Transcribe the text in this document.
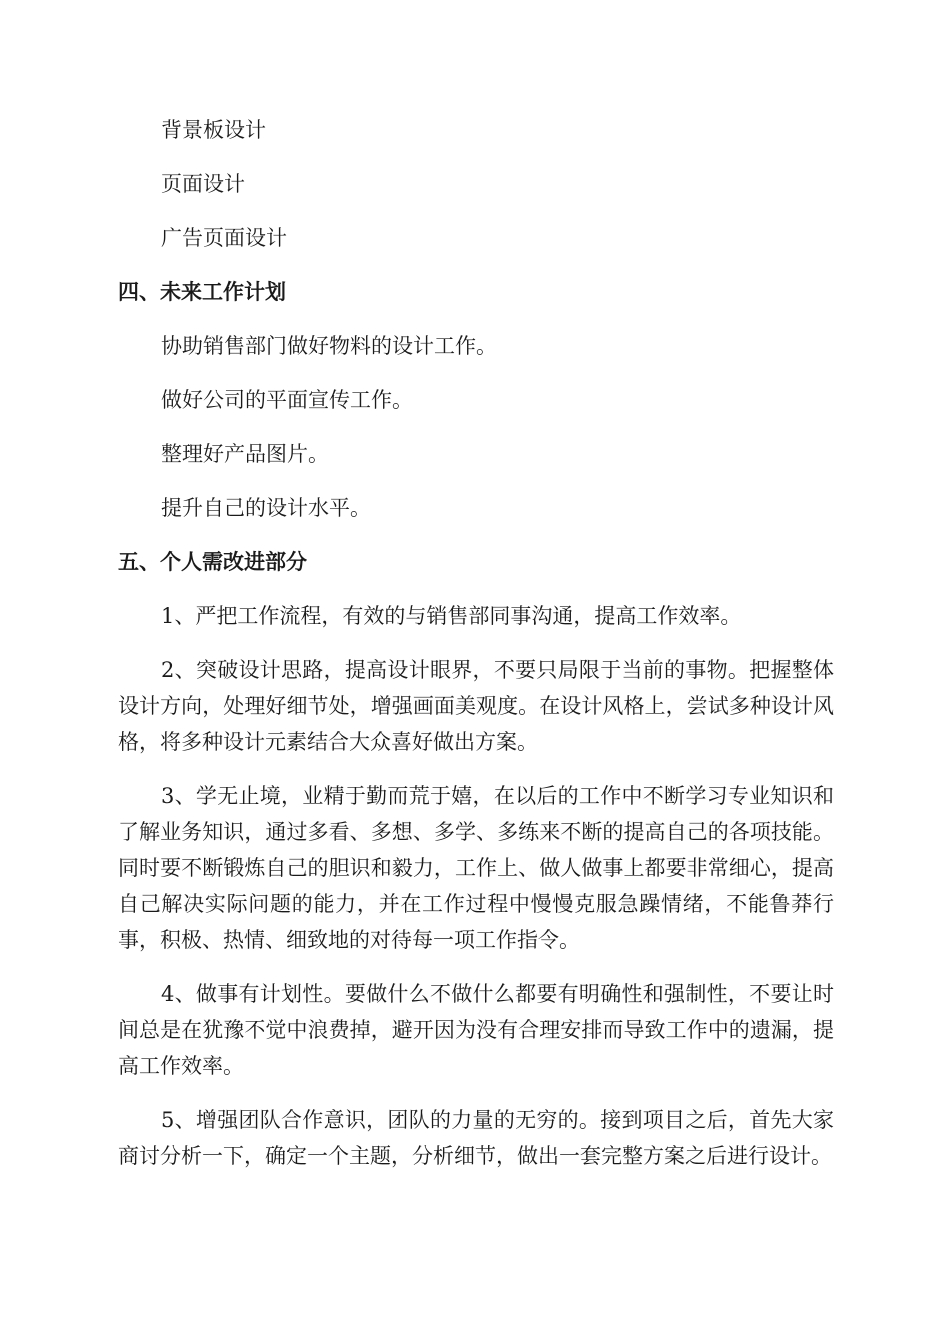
背景板设计
页面设计
广告页面设计
四、未来工作计划
协助销售部门做好物料的设计工作。
做好公司的平面宣传工作。
整理好产品图片。
提升自己的设计水平。
五、个人需改进部分

1、严把工作流程，有效的与销售部同事沟通，提高工作效率。

2、突破设计思路，提高设计眼界，不要只局限于当前的事物。把握整体设计方向，处理好细节处，增强画面美观度。在设计风格上，尝试多种设计风格，将多种设计元素结合大众喜好做出方案。

3、学无止境，业精于勤而荒于嬉，在以后的工作中不断学习专业知识和了解业务知识，通过多看、多想、多学、多练来不断的提高自己的各项技能。同时要不断锻炼自己的胆识和毅力，工作上、做人做事上都要非常细心，提高自己解决实际问题的能力，并在工作过程中慢慢克服急躁情绪，不能鲁莽行事，积极、热情、细致地的对待每一项工作指令。

4、做事有计划性。要做什么不做什么都要有明确性和强制性，不要让时间总是在犹豫不觉中浪费掉，避开因为没有合理安排而导致工作中的遗漏，提高工作效率。

5、增强团队合作意识，团队的力量的无穷的。接到项目之后，首先大家商讨分析一下，确定一个主题，分析细节，做出一套完整方案之后进行设计。
